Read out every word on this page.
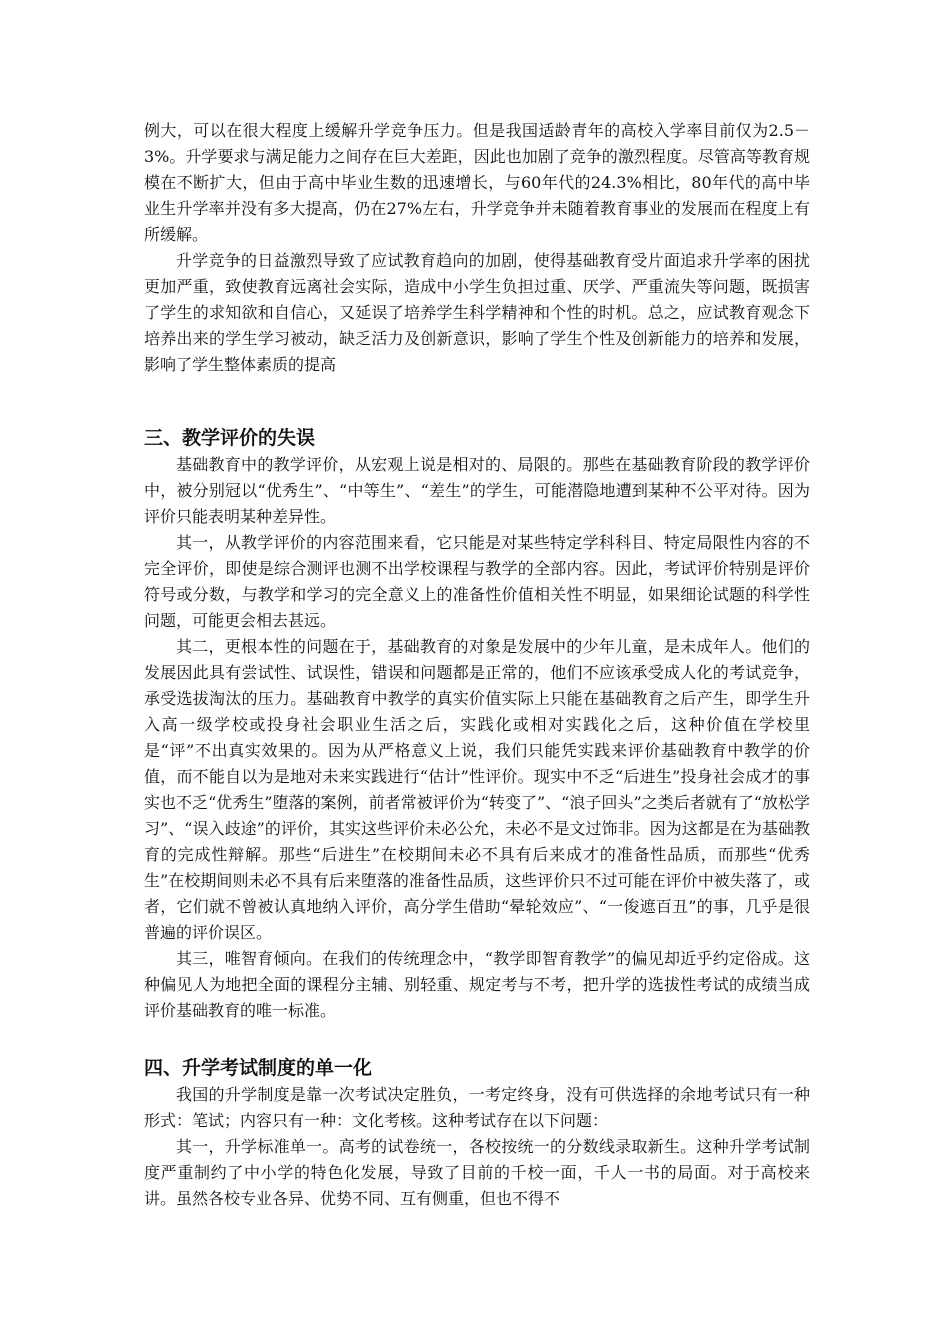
例大，可以在很大程度上缓解升学竞争压力。但是我国适龄青年的高校入学率目前仅为2.5－3%。升学要求与满足能力之间存在巨大差距，因此也加剧了竞争的激烈程度。尽管高等教育规模在不断扩大，但由于高中毕业生数的迅速增长，与60年代的24.3%相比，80年代的高中毕业生升学率并没有多大提高，仍在27%左右，升学竞争并未随着教育事业的发展而在程度上有所缓解。

升学竞争的日益激烈导致了应试教育趋向的加剧，使得基础教育受片面追求升学率的困扰更加严重，致使教育远离社会实际，造成中小学生负担过重、厌学、严重流失等问题，既损害了学生的求知欲和自信心，又延误了培养学生科学精神和个性的时机。总之，应试教育观念下培养出来的学生学习被动，缺乏活力及创新意识，影响了学生个性及创新能力的培养和发展，影响了学生整体素质的提高

三、教学评价的失误

基础教育中的教学评价，从宏观上说是相对的、局限的。那些在基础教育阶段的教学评价中，被分别冠以“优秀生”、“中等生”、“差生”的学生，可能潜隐地遭到某种不公平对待。因为评价只能表明某种差异性。

其一，从教学评价的内容范围来看，它只能是对某些特定学科科目、特定局限性内容的不完全评价，即使是综合测评也测不出学校课程与教学的全部内容。因此，考试评价特别是评价符号或分数，与教学和学习的完全意义上的准备性价值相关性不明显，如果细论试题的科学性问题，可能更会相去甚远。

其二，更根本性的问题在于，基础教育的对象是发展中的少年儿童，是未成年人。他们的发展因此具有尝试性、试误性，错误和问题都是正常的，他们不应该承受成人化的考试竞争，承受选拔淘汰的压力。基础教育中教学的真实价值实际上只能在基础教育之后产生，即学生升入高一级学校或投身社会职业生活之后，实践化或相对实践化之后，这种价值在学校里是“评”不出真实效果的。因为从严格意义上说，我们只能凭实践来评价基础教育中教学的价值，而不能自以为是地对未来实践进行“估计”性评价。现实中不乏“后进生”投身社会成才的事实也不乏“优秀生”堕落的案例，前者常被评价为“转变了”、“浪子回头”之类后者就有了“放松学习”、“误入歧途”的评价，其实这些评价未必公允，未必不是文过饰非。因为这都是在为基础教育的完成性辩解。那些“后进生”在校期间未必不具有后来成才的准备性品质，而那些“优秀生”在校期间则未必不具有后来堕落的准备性品质，这些评价只不过可能在评价中被失落了，或者，它们就不曾被认真地纳入评价，高分学生借助“晕轮效应”、“一俊遮百丑”的事，几乎是很普遍的评价误区。

其三，唯智育倾向。在我们的传统理念中，“教学即智育教学”的偏见却近乎约定俗成。这种偏见人为地把全面的课程分主辅、别轻重、规定考与不考，把升学的选拔性考试的成绩当成评价基础教育的唯一标准。

四、升学考试制度的单一化

我国的升学制度是靠一次考试决定胜负，一考定终身，没有可供选择的余地考试只有一种形式：笔试；内容只有一种：文化考核。这种考试存在以下问题：

其一，升学标准单一。高考的试卷统一，各校按统一的分数线录取新生。这种升学考试制度严重制约了中小学的特色化发展，导致了目前的千校一面，千人一书的局面。对于高校来讲。虽然各校专业各异、优势不同、互有侧重，但也不得不
